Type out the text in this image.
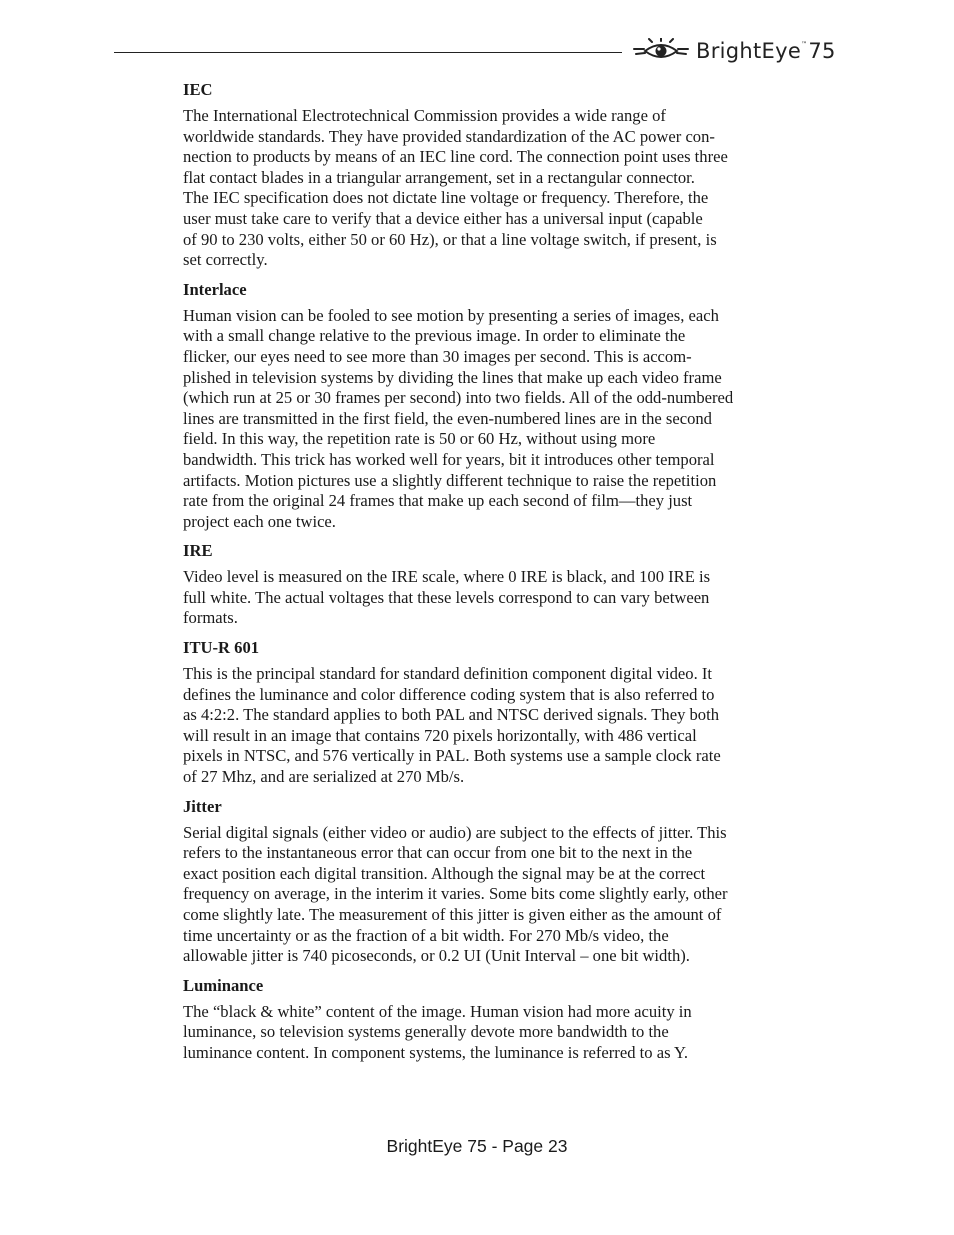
BrightEye™75

IEC

The International Electrotechnical Commission provides a wide range of
worldwide standards. They have provided standardization of the AC power con-
nection to products by means of an IEC line cord. The connection point uses three
flat contact blades in a triangular arrangement, set in a rectangular connector.
The IEC specification does not dictate line voltage or frequency. Therefore, the
user must take care to verify that a device either has a universal input (capable
of 90 to 230 volts, either 50 or 60 Hz), or that a line voltage switch, if present, is
set correctly.

Interlace

Human vision can be fooled to see motion by presenting a series of images, each
with a small change relative to the previous image. In order to eliminate the
flicker, our eyes need to see more than 30 images per second. This is accom-
plished in television systems by dividing the lines that make up each video frame
(which run at 25 or 30 frames per second) into two fields. All of the odd-numbered
lines are transmitted in the first field, the even-numbered lines are in the second
field. In this way, the repetition rate is 50 or 60 Hz, without using more
bandwidth. This trick has worked well for years, bit it introduces other temporal
artifacts. Motion pictures use a slightly different technique to raise the repetition
rate from the original 24 frames that make up each second of film—they just
project each one twice.

IRE

Video level is measured on the IRE scale, where 0 IRE is black, and 100 IRE is
full white. The actual voltages that these levels correspond to can vary between
formats.

ITU-R 601

This is the principal standard for standard definition component digital video. It
defines the luminance and color difference coding system that is also referred to
as 4:2:2. The standard applies to both PAL and NTSC derived signals. They both
will result in an image that contains 720 pixels horizontally, with 486 vertical
pixels in NTSC, and 576 vertically in PAL. Both systems use a sample clock rate
of 27 Mhz, and are serialized at 270 Mb/s.

Jitter

Serial digital signals (either video or audio) are subject to the effects of jitter. This
refers to the instantaneous error that can occur from one bit to the next in the
exact position each digital transition. Although the signal may be at the correct
frequency on average, in the interim it varies. Some bits come slightly early, other
come slightly late. The measurement of this jitter is given either as the amount of
time uncertainty or as the fraction of a bit width. For 270 Mb/s video, the
allowable jitter is 740 picoseconds, or 0.2 UI (Unit Interval – one bit width).

Luminance

The “black & white” content of the image. Human vision had more acuity in
luminance, so television systems generally devote more bandwidth to the
luminance content. In component systems, the luminance is referred to as Y.

BrightEye 75 - Page 23
